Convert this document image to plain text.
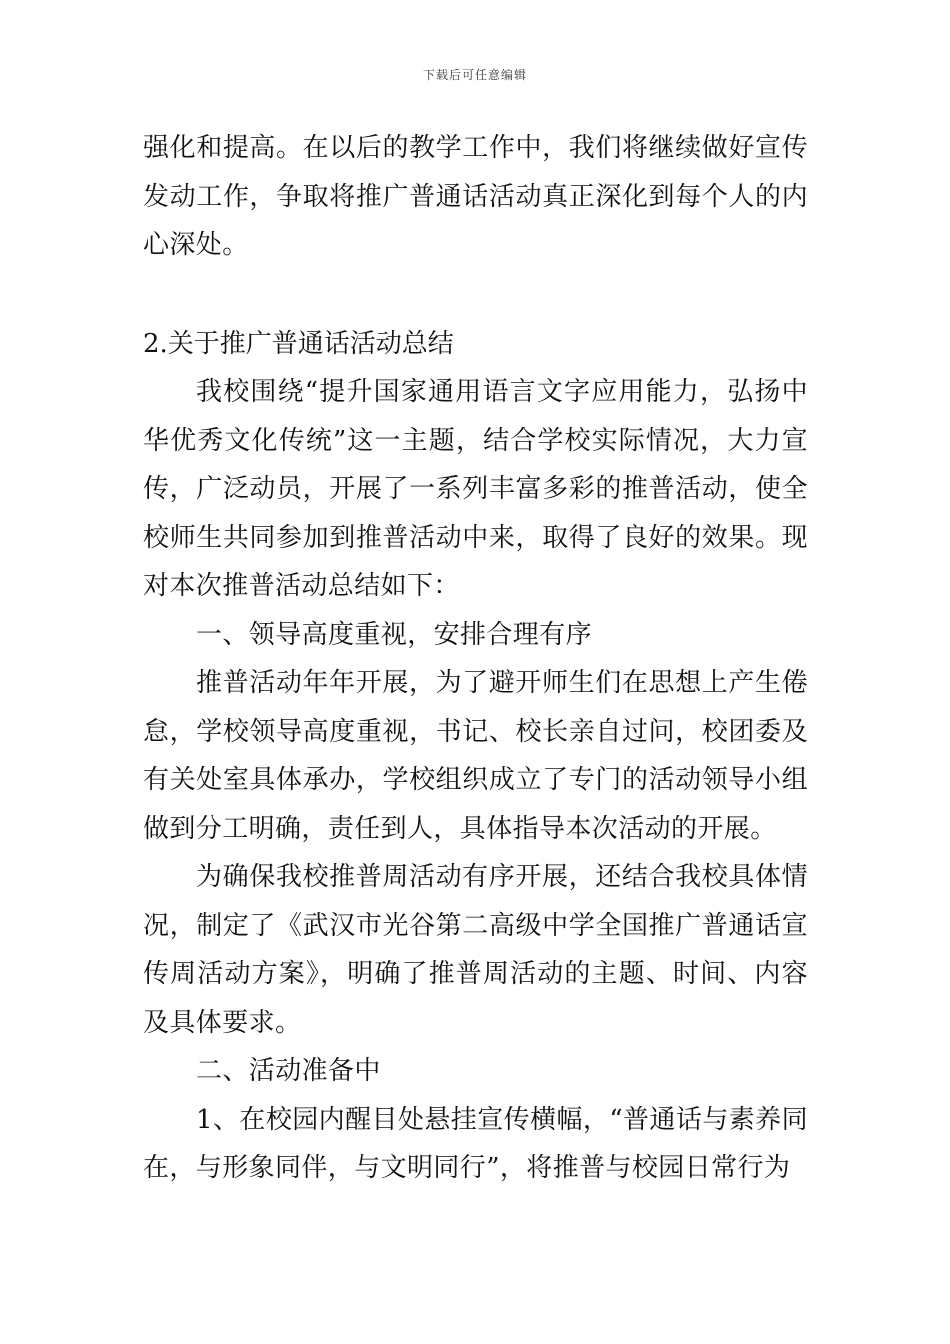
下载后可任意编辑

强化和提高。在以后的教学工作中，我们将继续做好宣传发动工作，争取将推广普通话活动真正深化到每个人的内心深处。

2.关于推广普通话活动总结

我校围绕“提升国家通用语言文字应用能力，弘扬中华优秀文化传统”这一主题，结合学校实际情况，大力宣传，广泛动员，开展了一系列丰富多彩的推普活动，使全校师生共同参加到推普活动中来，取得了良好的效果。现对本次推普活动总结如下：

一、领导高度重视，安排合理有序

推普活动年年开展，为了避开师生们在思想上产生倦怠，学校领导高度重视，书记、校长亲自过问，校团委及有关处室具体承办，学校组织成立了专门的活动领导小组做到分工明确，责任到人，具体指导本次活动的开展。

为确保我校推普周活动有序开展，还结合我校具体情况，制定了《武汉市光谷第二高级中学全国推广普通话宣传周活动方案》，明确了推普周活动的主题、时间、内容及具体要求。

二、活动准备中

1、在校园内醒目处悬挂宣传横幅，“普通话与素养同在，与形象同伴，与文明同行”，将推普与校园日常行为
